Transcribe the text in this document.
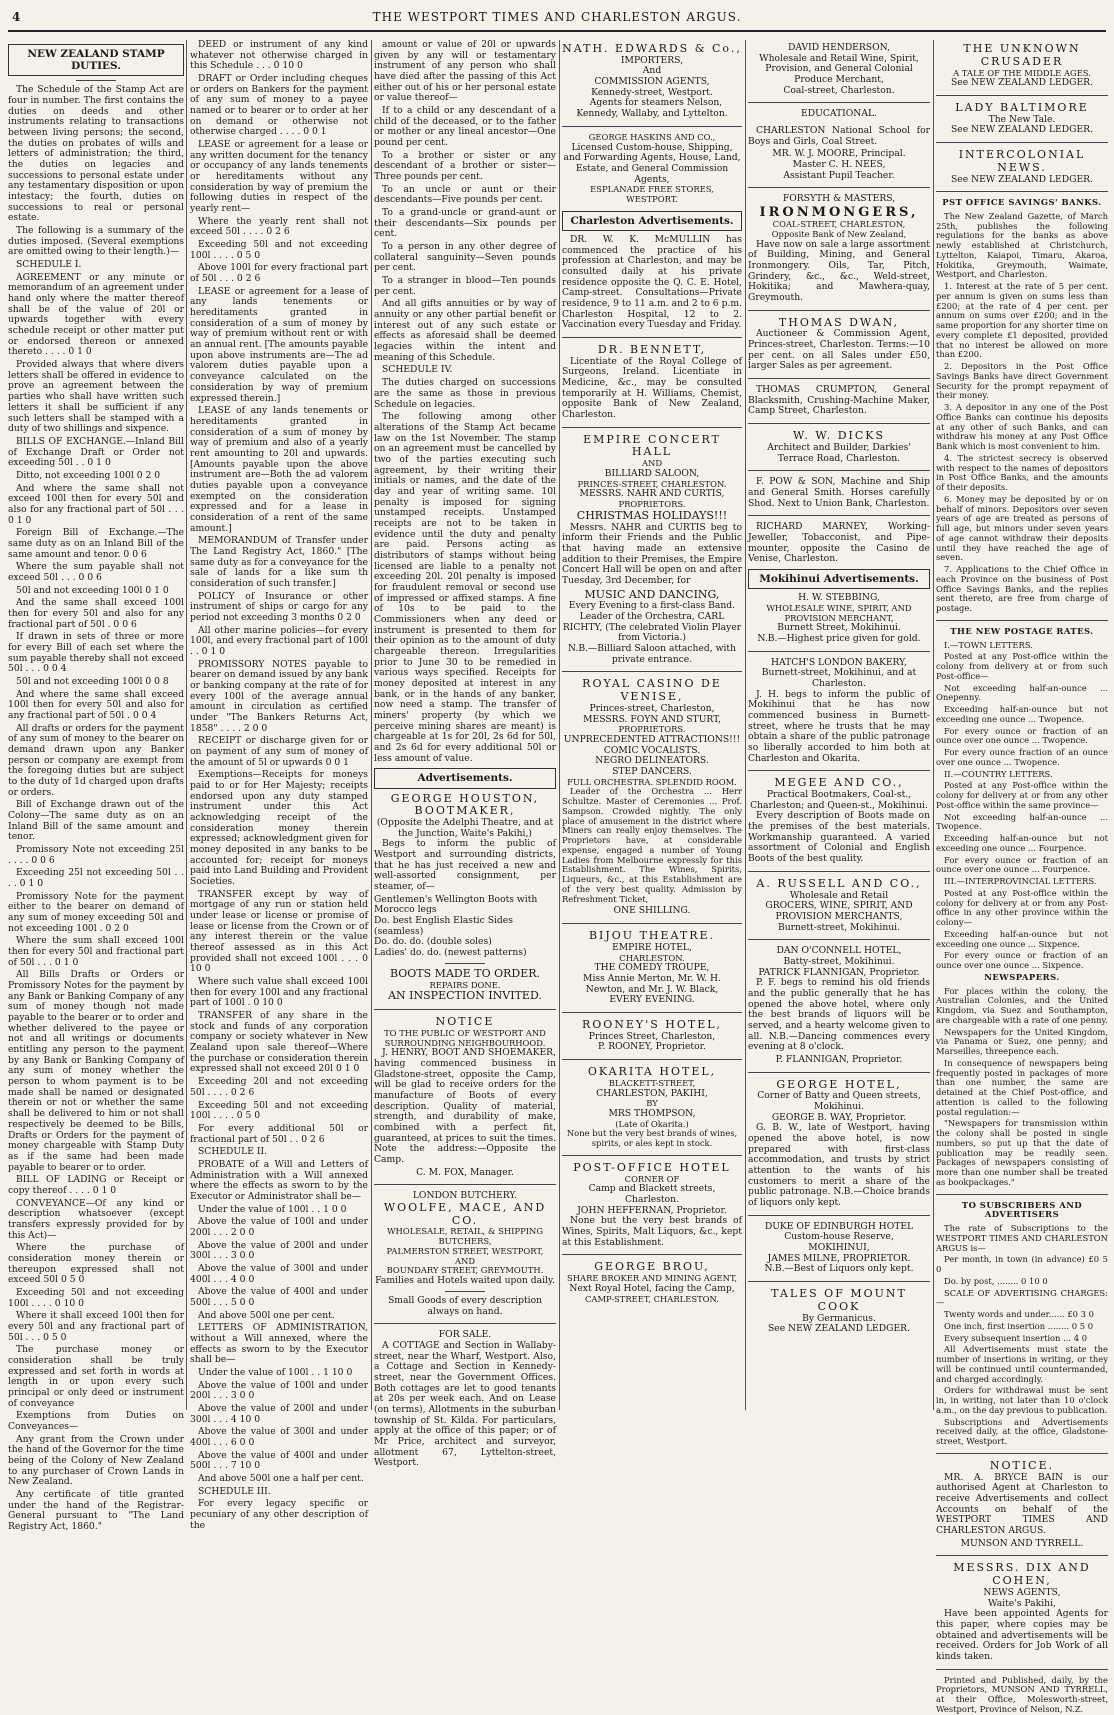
4	THE WESTPORT TIMES AND CHARLESTON ARGUS.
NEW ZEALAND STAMP DUTIES.

The Schedule of the Stamp Act are four in number. The first contains the duties on deeds and other instruments relating to transactions between living persons; the second, the duties on probates of wills and letters of administration; the third, the duties on legacies and successions to personal estate under any testamentary disposition or upon intestacy; the fourth, duties on successions to real or personal estate.

The following is a summary of the duties imposed. (Several exemptions are omitted owing to their length.)—

SCHEDULE I.

AGREEMENT or any minute or memorandum of an agreement under hand only where the matter thereof shall be of the value of 20l or upwards together with every schedule receipt or other matter put or endorsed thereon or annexed thereto . . . . 0 1 0

Provided always that where divers letters shall be offered in evidence to prove an agreement between the parties who shall have written such letters it shall be sufficient if any such letters shall be stamped with a duty of two shillings and sixpence.

BILLS OF EXCHANGE.—Inland Bill of Exchange Draft or Order not exceeding 50l . . 0 1 0

Ditto, not exceeding 100l 0 2 0

And where the same shall not exceed 100l then for every 50l and also for any fractional part of 50l . . . 0 1 0

Foreign Bill of Exchange.—The same duty as on an Inland Bill of the same amount and tenor. 0 0 6

Where the sum payable shall not exceed 50l . . . 0 0 6

50l and not exceeding 100l 0 1 0

And the same shall exceed 100l then for every 50l and also for any fractional part of 50l . 0 0 6

If drawn in sets of three or more for every Bill of each set where the sum payable thereby shall not exceed 50l . . . 0 0 4

50l and not exceeding 100l 0 0 8

And where the same shall exceed 100l then for every 50l and also for any fractional part of 50l . 0 0 4

All drafts or orders for the payment of any sum of money to the bearer on demand drawn upon any Banker person or company are exempt from the foregoing duties but are subject to the duty of 1d charged upon drafts or orders.

Bill of Exchange drawn out of the Colony—The same duty as on an Inland Bill of the same amount and tenor.

Promissory Note not exceeding 25l . . . . 0 0 6

Exceeding 25l not exceeding 50l . . . . 0 1 0

Promissory Note for the payment either to the bearer on demand of any sum of money exceeding 50l and not exceeding 100l . 0 2 0

Where the sum shall exceed 100l then for every 50l and fractional part of 50l . . . 0 1 0

All Bills Drafts or Orders or Promissory Notes for the payment by any Bank or Banking Company of any sum of money though not made payable to the bearer or to order and whether delivered to the payee or not and all writings or documents entitling any person to the payment by any Bank or Banking Company of any sum of money whether the person to whom payment is to be made shall be named or designated therein or not or whether the same shall be delivered to him or not shall respectively be deemed to be Bills, Drafts or Orders for the payment of money chargeable with Stamp Duty as if the same had been made payable to bearer or to order.

BILL OF LADING or Receipt or copy thereof . . . . 0 1 0

CONVEYANCE—Of any kind or description whatsoever (except transfers expressly provided for by this Act)—

Where the purchase of consideration money therein or thereupon expressed shall not exceed 50l 0 5 0

Exceeding 50l and not exceeding 100l . . . . 0 10 0

Where it shall exceed 100l then for every 50l and any fractional part of 50l . . . 0 5 0

The purchase money or consideration shall be truly expressed and set forth in words at length in or upon every such principal or only deed or instrument of conveyance

Exemptions from Duties on Conveyances—

Any grant from the Crown under the hand of the Governor for the time being of the Colony of New Zealand to any purchaser of Crown Lands in New Zealand.

Any certificate of title granted under the hand of the Registrar-General pursuant to "The Land Registry Act, 1860."

DEED or instrument of any kind whatever not otherwise charged in this Schedule . . . 0 10 0

DRAFT or Order including cheques or orders on Bankers for the payment of any sum of money to a payee named or to bearer or to order at her on demand or otherwise not otherwise charged . . . . 0 0 1

LEASE or agreement for a lease or any written document for the tenancy or occupancy of any lands tenements or hereditaments without any consideration by way of premium the following duties in respect of the yearly rent—

Where the yearly rent shall not exceed 50l . . . . 0 2 6

Exceeding 50l and not exceeding 100l . . . . 0 5 0

Above 100l for every fractional part of 50l . . . 0 2 6

LEASE or agreement for a lease of any lands tenements or hereditaments granted in consideration of a sum of money by way of premium without rent or with an annual rent. [The amounts payable upon above instruments are—The ad valorem duties payable upon a conveyance calculated on the consideration by way of premium expressed therein.]

LEASE of any lands tenements or hereditaments granted in consideration of a sum of money by way of premium and also of a yearly rent amounting to 20l and upwards. [Amounts payable upon the above instrument are—Both the ad valorem duties payable upon a conveyance exempted on the consideration expressed and for a lease in consideration of a rent of the same amount.]

MEMORANDUM of Transfer under The Land Registry Act, 1860." [The same duty as for a conveyance for the sale of lands for a like sum th consideration of such transfer.]

POLICY of Insurance or other instrument of ships or cargo for any period not exceeding 3 months 0 2 0

All other marine policies—for every 100l, and every fractional part of 100l . . 0 1 0

PROMISSORY NOTES payable to bearer on demand issued by any bank or banking company at the rate of for every 100l of the average annual amount in circulation as certified under "The Bankers Returns Act, 1858" . . . . 2 0 0

RECEIPT or discharge given for or on payment of any sum of money of the amount of 5l or upwards 0 0 1

Exemptions—Receipts for moneys paid to or for Her Majesty; receipts endorsed upon any duty stamped instrument under this Act acknowledging receipt of the consideration money therein expressed; acknowledgment given for money deposited in any banks to be accounted for; receipt for moneys paid into Land Building and Provident Societies.

TRANSFER except by way of mortgage of any run or station held under lease or license or promise of lease or license from the Crown or of any interest therein or the value thereof assessed as in this Act provided shall not exceed 100l . . . 0 10 0

Where such value shall exceed 100l then for every 100l and any fractional part of 100l . 0 10 0

TRANSFER of any share in the stock and funds of any corporation company or society whatever in New Zealand upon sale thereof—Where the purchase or consideration therein expressed shall not exceed 20l 0 1 0

Exceeding 20l and not exceeding 50l . . . . 0 2 6

Exceeding 50l and not exceeding 100l . . . . 0 5 0

For every additional 50l or fractional part of 50l . . 0 2 6

SCHEDULE II.

PROBATE of a Will and Letters of Administration with a Will annexed where the effects as sworn to by the Executor or Administrator shall be—

Under the value of 100l . . 1 0 0

Above the value of 100l and under 200l . . . 2 0 0

Above the value of 200l and under 300l . . . 3 0 0

Above the value of 300l and under 400l . . . 4 0 0

Above the value of 400l and under 500l . . . 5 0 0

And above 500l one per cent.

LETTERS OF ADMINISTRATION, without a Will annexed, where the effects as sworn to by the Executor shall be—

Under the value of 100l . . 1 10 0

Above the value of 100l and under 200l . . . 3 0 0

Above the value of 200l and under 300l . . . 4 10 0

Above the value of 300l and under 400l . . . 6 0 0

Above the value of 400l and under 500l . . . 7 10 0

And above 500l one a half per cent.

SCHEDULE III.

For every legacy specific or pecuniary of any other description of the

amount or value of 20l or upwards given by any will or testamentary instrument of any person who shall have died after the passing of this Act either out of his or her personal estate or value thereof—

If to a child or any descendant of a child of the deceased, or to the father or mother or any lineal ancestor—One pound per cent.

To a brother or sister or any descendant of a brother or sister—Three pounds per cent.

To an uncle or aunt or their descendants—Five pounds per cent.

To a grand-uncle or grand-aunt or their descendants—Six pounds per cent.

To a person in any other degree of collateral sanguinity—Seven pounds per cent.

To a stranger in blood—Ten pounds per cent.

And all gifts annuities or by way of annuity or any other partial benefit or interest out of any such estate or effects as aforesaid shall be deemed legacies within the intent and meaning of this Schedule.

SCHEDULE IV.

The duties charged on successions are the same as those in previous Schedule on legacies.

The following among other alterations of the Stamp Act became law on the 1st November. The stamp on an agreement must be cancelled by two of the parties executing such agreement, by their writing their initials or names, and the date of the day and year of writing same. 10l penalty is imposed for signing unstamped receipts. Unstamped receipts are not to be taken in evidence until the duty and penalty are paid. Persons acting as distributors of stamps without being licensed are liable to a penalty not exceeding 20l. 20l penalty is imposed for fraudulent removal or second use of impressed or affixed stamps. A fine of 10s to be paid to the Commissioners when any deed or instrument is presented to them for their opinion as to the amount of duty chargeable thereon. Irregularities prior to June 30 to be remedied in various ways specified. Receipts for money deposited at interest in any bank, or in the hands of any banker, now need a stamp. The transfer of miners' property (by which we perceive mining shares are meant) is chargeable at 1s for 20l, 2s 6d for 50l, and 2s 6d for every additional 50l or less amount of value.

Advertisements.
GEORGE HOUSTON, BOOTMAKER,
(Opposite the Adelphi Theatre, and at the Junction, Waite's Pakihi,)

Begs to inform the public of Westport and surrounding districts, that he has just received a new and well-assorted consignment, per steamer, of—

Gentlemen's Wellington Boots with Morocco legs
Do. best English Elastic Sides (seamless)
Do. do. do. (double soles)
Ladies' do. do. (newest patterns)
BOOTS MADE TO ORDER.
REPAIRS DONE.
AN INSPECTION INVITED.
NOTICE
TO THE PUBLIC OF WESTPORT AND SURROUNDING NEIGHBOURHOOD.

J. HENRY, BOOT AND SHOEMAKER, having commenced business in Gladstone-street, opposite the Camp, will be glad to receive orders for the manufacture of Boots of every description. Quality of material, strength, and durability of make, combined with a perfect fit, guaranteed, at prices to suit the times. Note the address:—Opposite the Camp.

C. M. FOX, Manager.
LONDON BUTCHERY.
WOOLFE, MACE, AND CO.
WHOLESALE, RETAIL, & SHIPPING BUTCHERS,
PALMERSTON STREET, WESTPORT,
AND
BOUNDARY STREET, GREYMOUTH.
Families and Hotels waited upon daily.
Small Goods of every description always on hand.
FOR SALE.

A COTTAGE and Section in Wallaby-street, near the Wharf, Westport. Also, a Cottage and Section in Kennedy-street, near the Government Offices. Both cottages are let to good tenants at 20s per week each. And on Lease (on terms), Allotments in the suburban township of St. Kilda. For particulars, apply at the office of this paper; or of Mr Price, architect and surveyor, allotment 67, Lyttelton-street, Westport.

NATH. EDWARDS & Co.,
IMPORTERS,
And
COMMISSION AGENTS,
Kennedy-street, Westport.

Agents for steamers Nelson, Kennedy, Wallaby, and Lyttelton.

GEORGE HASKINS AND CO.,
Licensed Custom-house, Shipping, and Forwarding Agents, House, Land, Estate, and General Commission Agents,
ESPLANADE FREE STORES,
WESTPORT.
Charleston Advertisements.

DR. W. K. McMULLIN has commenced the practice of his profession at Charleston, and may be consulted daily at his private residence opposite the Q. C. E. Hotel, Camp-street. Consultations—Private residence, 9 to 11 a.m. and 2 to 6 p.m. Charleston Hospital, 12 to 2. Vaccination every Tuesday and Friday.

DR. BENNETT,

Licentiate of the Royal College of Surgeons, Ireland. Licentiate in Medicine, &c., may be consulted temporarily at H. Williams, Chemist, opposite Bank of New Zealand, Charleston.

EMPIRE CONCERT HALL
AND
BILLIARD SALOON,
PRINCES-STREET, CHARLESTON.
MESSRS. NAHR AND CURTIS,
PROPRIETORS.
CHRISTMAS HOLIDAYS!!!

Messrs. NAHR and CURTIS beg to inform their Friends and the Public that having made an extensive addition to their Premises, the Empire Concert Hall will be open on and after Tuesday, 3rd December, for

MUSIC AND DANCING,
Every Evening to a first-class Band.
Leader of the Orchestra, CARL RICHTY, (The celebrated Violin Player from Victoria.)
N.B.—Billiard Saloon attached, with private entrance.
ROYAL CASINO DE VENISE,
Princes-street, Charleston,
MESSRS. FOYN AND STURT,
PROPRIETORS.
UNPRECEDENTED ATTRACTIONS!!!
COMIC VOCALISTS.
NEGRO DELINEATORS.
STEP DANCERS.
FULL ORCHESTRA. SPLENDID ROOM.

Leader of the Orchestra ... Herr Schultze. Master of Ceremonies ... Prof. Sampson. Crowded nightly. The only place of amusement in the district where Miners can really enjoy themselves. The Proprietors have, at considerable expense, engaged a number of Young Ladies from Melbourne expressly for this Establishment. The Wines, Spirits, Liqueurs, &c., at this Establishment are of the very best quality. Admission by Refreshment Ticket,

ONE SHILLING.
BIJOU THEATRE.
EMPIRE HOTEL,
CHARLESTON.
THE COMEDY TROUPE,
Miss Annie Merton, Mr. W. H. Newton, and Mr. J. W. Black,
EVERY EVENING.
ROONEY'S HOTEL,
Princes Street, Charleston,
P. ROONEY, Proprietor.
OKARITA HOTEL,
BLACKETT-STREET,
CHARLESTON, PAKIHI,
BY
MRS THOMPSON,
(Late of Okarita.)
None but the very best brands of wines, spirits, or ales kept in stock.
POST-OFFICE HOTEL
CORNER OF
Camp and Blackett streets, Charleston.
JOHN HEFFERNAN, Proprietor.

None but the very best brands of Wines, Spirits, Malt Liquors, &c., kept at this Establishment.

GEORGE BROU,
SHARE BROKER AND MINING AGENT,
Next Royal Hotel, facing the Camp,
CAMP-STREET, CHARLESTON.
DAVID HENDERSON,
Wholesale and Retail Wine, Spirit, Provision, and General Colonial Produce Merchant,
Coal-street, Charleston.
EDUCATIONAL.

CHARLESTON National School for Boys and Girls, Coal Street.

MR. W. J. MOORE, Principal.
Master C. H. NEES,
Assistant Pupil Teacher.
FORSYTH & MASTERS,
IRONMONGERS,
COAL-STREET, CHARLESTON,
Opposite Bank of New Zealand,

Have now on sale a large assortment of Building, Mining, and General Ironmongery. Oils, Tar, Pitch, Grindery, &c., &c., Weld-street, Hokitika; and Mawhera-quay, Greymouth.

THOMAS DWAN,

Auctioneer & Commission Agent, Princes-street, Charleston. Terms:—10 per cent. on all Sales under £50, larger Sales as per agreement.

THOMAS CRUMPTON, General Blacksmith, Crushing-Machine Maker, Camp Street, Charleston.

W. W. DICKS
Architect and Builder, Darkies' Terrace Road, Charleston.

F. POW & SON, Machine and Ship and General Smith. Horses carefully Shod. Next to Union Bank, Charleston.

RICHARD MARNEY, Working-Jeweller, Tobacconist, and Pipe-mounter, opposite the Casino de Venise, Charleston.

Mokihinui Advertisements.
H. W. STEBBING,
WHOLESALE WINE, SPIRIT, AND PROVISION MERCHANT,
Burnett Street, Mokihinui.
N.B.—Highest price given for gold.
HATCH'S LONDON BAKERY,
Burnett-street, Mokihinui, and at Charleston.

J. H. begs to inform the public of Mokihinui that he has now commenced business in Burnett-street, where he trusts that he may obtain a share of the public patronage so liberally accorded to him both at Charleston and Okarita.

MEGEE AND CO.,
Practical Bootmakers, Coal-st., Charleston; and Queen-st., Mokihinui.

Every description of Boots made on the premises of the best materials. Workmanship guaranteed. A varied assortment of Colonial and English Boots of the best quality.

A. RUSSELL AND CO.,
Wholesale and Retail
GROCERS, WINE, SPIRIT, AND PROVISION MERCHANTS,
Burnett-street, Mokihinui.
DAN O'CONNELL HOTEL,
Batty-street, Mokihinui.
PATRICK FLANNIGAN, Proprietor.

P. F. begs to remind his old friends and the public generally that he has opened the above hotel, where only the best brands of liquors will be served, and a hearty welcome given to all. N.B.—Dancing commences every evening at 8 o'clock.

P. FLANNIGAN, Proprietor.
GEORGE HOTEL,
Corner of Batty and Queen streets, Mokihinui.
GEORGE B. WAY, Proprietor.

G. B. W., late of Westport, having opened the above hotel, is now prepared with first-class accommodation, and trusts by strict attention to the wants of his customers to merit a share of the public patronage. N.B.—Choice brands of liquors only kept.

DUKE OF EDINBURGH HOTEL
Custom-house Reserve,
MOKIHINUI,
JAMES MILNE, PROPRIETOR.
N.B.—Best of Liquors only kept.
TALES OF MOUNT COOK
By Germanicus.
See NEW ZEALAND LEDGER.
THE UNKNOWN CRUSADER
A TALE OF THE MIDDLE AGES.
See NEW ZEALAND LEDGER.
LADY BALTIMORE
The New Tale.
See NEW ZEALAND LEDGER.
INTERCOLONIAL NEWS.
See NEW ZEALAND LEDGER.
PST OFFICE SAVINGS' BANKS.

The New Zealand Gazette, of March 25th, publishes the following regulations for the banks as above newly established at Christchurch, Lyttelton, Kaiapoi, Timaru, Akaroa, Hokitika, Greymouth, Waimate, Westport, and Charleston.

1. Interest at the rate of 5 per cent. per annum is given on sums less than £200; at the rate of 4 per cent. per annum on sums over £200; and in the same proportion for any shorter time on every complete £1 deposited, provided that no interest be allowed on more than £200.

2. Depositors in the Post Office Savings Banks have direct Government Security for the prompt repayment of their money.

3. A depositor in any one of the Post Office Banks can continue his deposits at any other of such Banks, and can withdraw his money at any Post Office Bank which is most convenient to him.

4. The strictest secrecy is observed with respect to the names of depositors in Post Office Banks, and the amounts of their deposits.

6. Money may be deposited by or on behalf of minors. Depositors over seven years of age are treated as persons of full age, but minors under seven years of age cannot withdraw their deposits until they have reached the age of seven.

7. Applications to the Chief Office in each Province on the business of Post Office Savings Banks, and the replies sent thereto, are free from charge of postage.

THE NEW POSTAGE RATES.

I.—TOWN LETTERS.

Posted at any Post-office within the colony from delivery at or from such Post-office—

Not exceeding half-an-ounce ... Onepenny.

Exceeding half-an-ounce but not exceeding one ounce ... Twopence.

For every ounce or fraction of an ounce over one ounce ... Twopence.

For every ounce fraction of an ounce over one ounce ... Twopence.

II.—COUNTRY LETTERS.

Posted at any Post-office within the colony for delivery at or from any other Post-office within the same province—

Not exceeding half-an-ounce ... Twopence.

Exceeding half-an-ounce but not exceeding one ounce ... Fourpence.

For every ounce or fraction of an ounce over one ounce ... Fourpence.

III.—INTERPROVINCIAL LETTERS.

Posted at any Post-office within the colony for delivery at or from any Post-office in any other province within the colony—

Exceeding half-an-ounce but not exceeding one ounce ... Sixpence.

For every ounce or fraction of an ounce over one ounce ... Sixpence.

NEWSPAPERS.

For places within the colony, the Australian Colonies, and the United Kingdom, via Suez and Southampton, are chargeable with a rate of one penny.

Newspapers for the United Kingdom, via Panama or Suez, one penny; and Marseilles, threepence each.

In consequence of newspapers being frequently posted in packages of more than one number, the same are detained at the Chief Post-office, and attention is called to the following postal regulation:—

"Newspapers for transmission within the colony shall be posted in single numbers, so put up that the date of publication may be readily seen. Packages of newspapers consisting of more than one number shall be treated as bookpackages."

TO SUBSCRIBERS AND ADVERTISERS

The rate of Subscriptions to the WESTPORT TIMES AND CHARLESTON ARGUS is—

Per month, in town (in advance) £0 5 0

Do. by post, ........ 0 10 0

SCALE OF ADVERTISING CHARGES:—

Twenty words and under...... £0 3 0

One inch, first insertion ........ 0 5 0

Every subsequent insertion ... 4 0

All Advertisements must state the number of insertions in writing, or they will be continued until countermanded, and charged accordingly.

Orders for withdrawal must be sent in, in writing, not later than 10 o'clock a.m., on the day previous to publication.

Subscriptions and Advertisements received daily, at the office, Gladstone-street, Westport.

NOTICE.

MR. A. BRYCE BAIN is our authorised Agent at Charleston to receive Advertisements and collect Accounts on behalf of the WESTPORT TIMES AND CHARLESTON ARGUS.

MUNSON AND TYRRELL.
MESSRS. DIX AND COHEN,
NEWS AGENTS,
Waite's Pakihi,

Have been appointed Agents for this paper, where copies may be obtained and advertisements will be received. Orders for Job Work of all kinds taken.

Printed and Published, daily, by the Proprietors, MUNSON AND TYRRELL, at their Office, Molesworth-street, Westport, Province of Nelson, N.Z.
